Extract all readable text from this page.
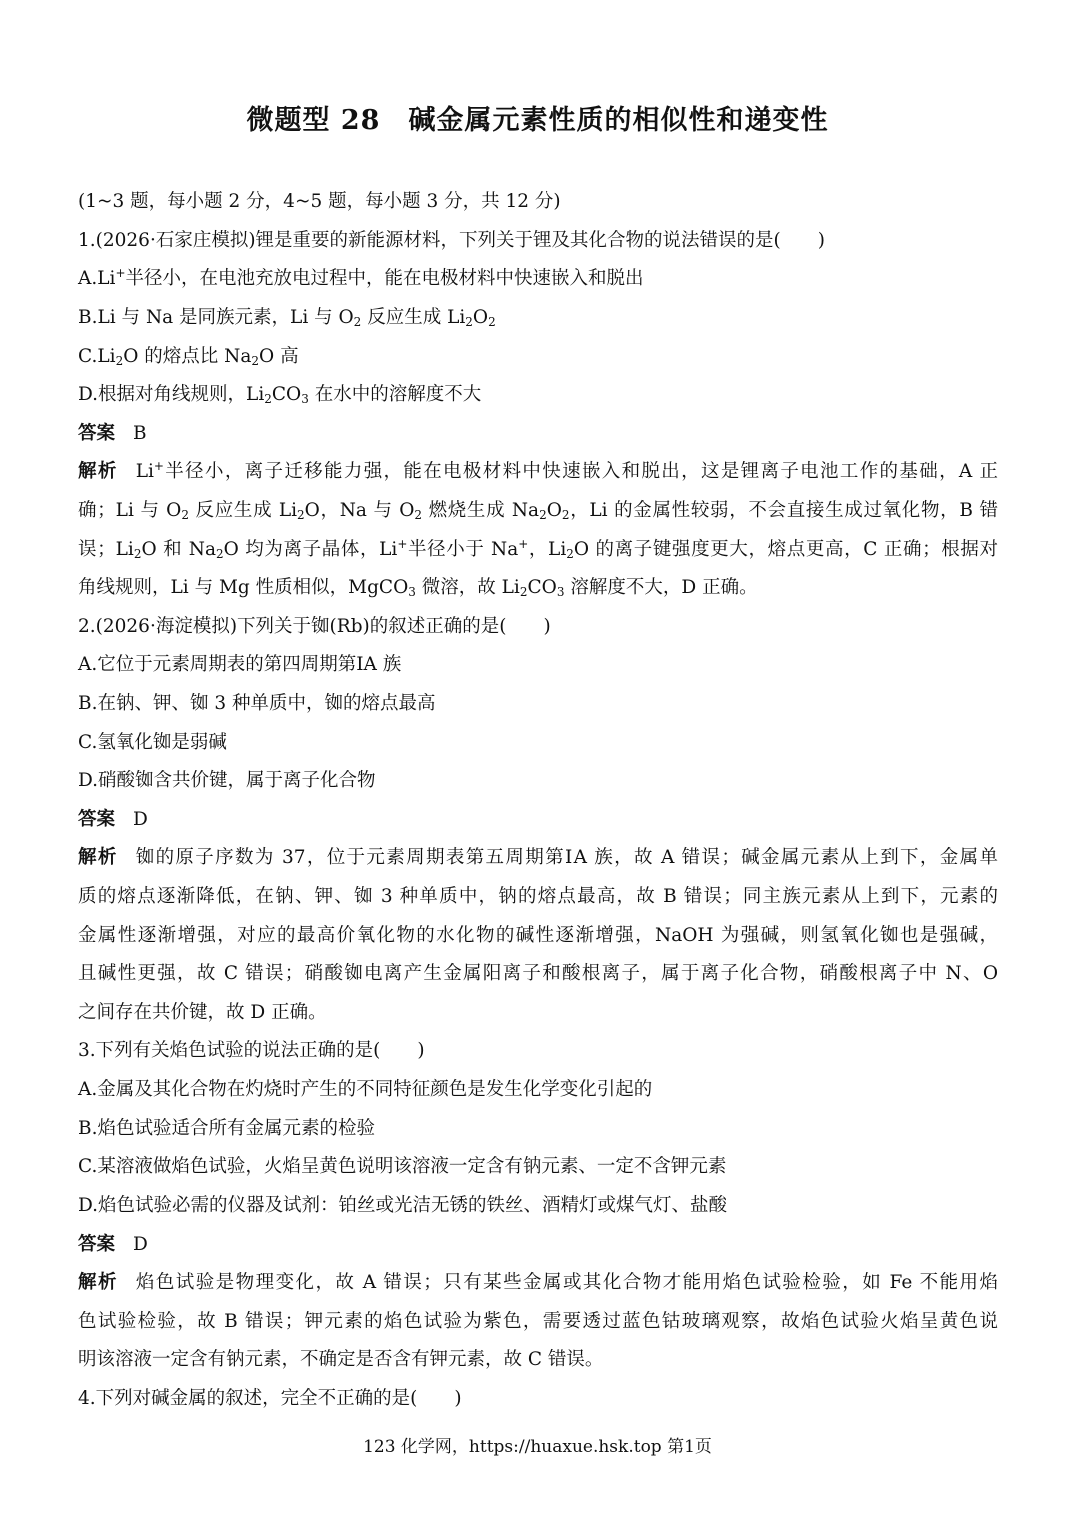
微题型 28　碱金属元素性质的相似性和递变性
(1~3 题，每小题 2 分，4~5 题，每小题 3 分，共 12 分)
1.(2026·石家庄模拟)锂是重要的新能源材料，下列关于锂及其化合物的说法错误的是(　　)
A.Li+半径小，在电池充放电过程中，能在电极材料中快速嵌入和脱出
B.Li 与 Na 是同族元素，Li 与 $O_2$ 反应生成 $Li_2O_2$
$C.Li_2O$ 的熔点比 $Na_2O$ 高
D.根据对角线规则，$Li_2CO_3$ 在水中的溶解度不大
答案 B
解析 Li+半径小，离子迁移能力强，能在电极材料中快速嵌入和脱出，这是锂离子电池工作的基础，A 正
确；Li 与 $O_2$ 反应生成 $Li_2O$，Na 与 $O_2$ 燃烧生成 $Na_2O_2$，Li 的金属性较弱，不会直接生成过氧化物，B 错
误；$Li_2O$ 和 $Na_2O$ 均为离子晶体，Li+半径小于 Na+，$Li_2O$ 的离子键强度更大，熔点更高，C 正确；根据对
角线规则，Li 与 Mg 性质相似，MgCO$_3$ 微溶，故 $Li_2CO_3$ 溶解度不大，D 正确。
2.(2026·海淀模拟)下列关于铷(Rb)的叙述正确的是(　　)
A.它位于元素周期表的第四周期第ⅠA 族
B.在钠、钾、铷 3 种单质中，铷的熔点最高
C.氢氧化铷是弱碱
D.硝酸铷含共价键，属于离子化合物
答案 D
解析 铷的原子序数为 37，位于元素周期表第五周期第ⅠA 族，故 A 错误；碱金属元素从上到下，金属单
质的熔点逐渐降低，在钠、钾、铷 3 种单质中，钠的熔点最高，故 B 错误；同主族元素从上到下，元素的
金属性逐渐增强，对应的最高价氧化物的水化物的碱性逐渐增强，NaOH 为强碱，则氢氧化铷也是强碱，
且碱性更强，故 C 错误；硝酸铷电离产生金属阳离子和酸根离子，属于离子化合物，硝酸根离子中 N、O
之间存在共价键，故 D 正确。
3.下列有关焰色试验的说法正确的是(　　)
A.金属及其化合物在灼烧时产生的不同特征颜色是发生化学变化引起的
B.焰色试验适合所有金属元素的检验
C.某溶液做焰色试验，火焰呈黄色说明该溶液一定含有钠元素、一定不含钾元素
D.焰色试验必需的仪器及试剂：铂丝或光洁无锈的铁丝、酒精灯或煤气灯、盐酸
答案 D
解析 焰色试验是物理变化，故 A 错误；只有某些金属或其化合物才能用焰色试验检验，如 Fe 不能用焰
色试验检验，故 B 错误；钾元素的焰色试验为紫色，需要透过蓝色钴玻璃观察，故焰色试验火焰呈黄色说
明该溶液一定含有钠元素，不确定是否含有钾元素，故 C 错误。
4.下列对碱金属的叙述，完全不正确的是(　　)
123 化学网，https://huaxue.hsk.top 第1页
